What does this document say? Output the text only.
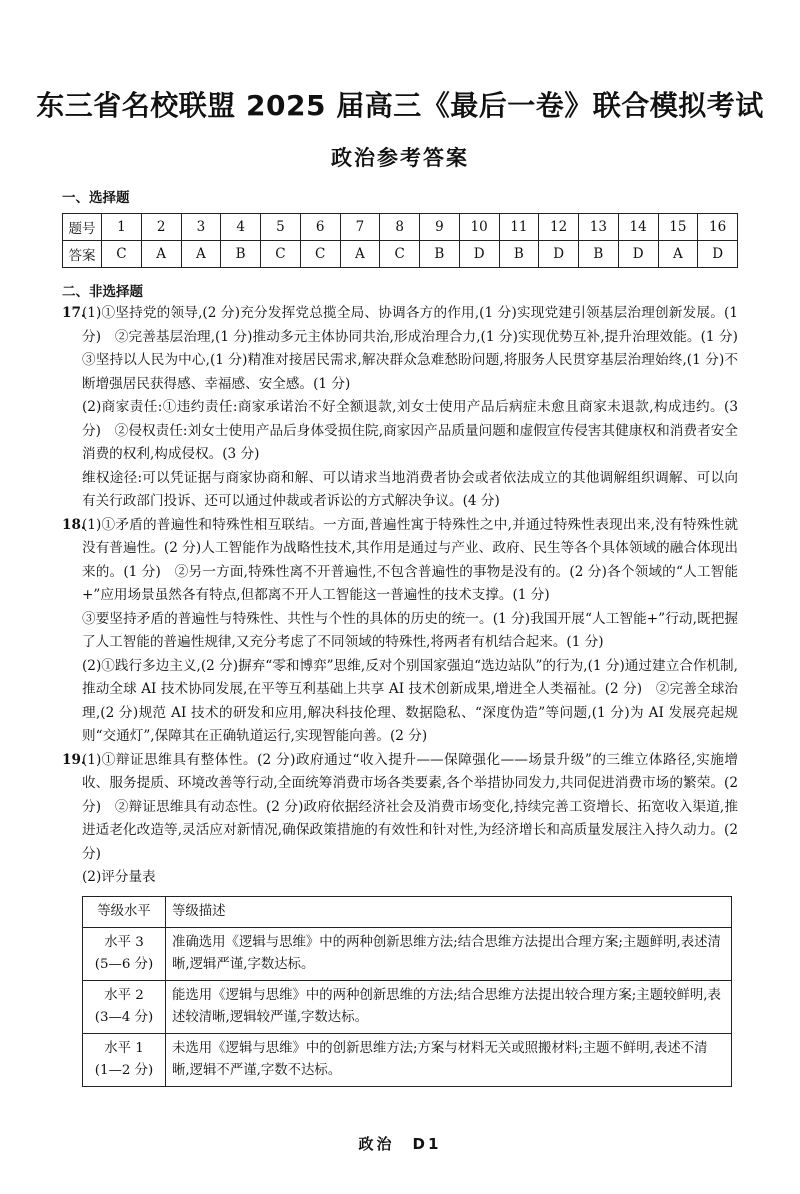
东三省名校联盟 2025 届高三《最后一卷》联合模拟考试
政治参考答案
一、选择题
题号	1	2	3	4	5	6	7	8	9	10	11	12	13	14	15	16
答案	C	A	A	B	C	C	A	C	B	D	B	D	B	D	A	D
二、非选择题
17.

(1)①坚持党的领导,(2 分)充分发挥党总揽全局、协调各方的作用,(1 分)实现党建引领基层治理创新发展。(1 分)　②完善基层治理,(1 分)推动多元主体协同共治,形成治理合力,(1 分)实现优势互补,提升治理效能。(1 分)　③坚持以人民为中心,(1 分)精准对接居民需求,解决群众急难愁盼问题,将服务人民贯穿基层治理始终,(1 分)不断增强居民获得感、幸福感、安全感。(1 分)

(2)商家责任:①违约责任:商家承诺治不好全额退款,刘女士使用产品后病症未愈且商家未退款,构成违约。(3 分)　②侵权责任:刘女士使用产品后身体受损住院,商家因产品质量问题和虚假宣传侵害其健康权和消费者安全消费的权利,构成侵权。(3 分)

维权途径:可以凭证据与商家协商和解、可以请求当地消费者协会或者依法成立的其他调解组织调解、可以向有关行政部门投诉、还可以通过仲裁或者诉讼的方式解决争议。(4 分)

18.

(1)①矛盾的普遍性和特殊性相互联结。一方面,普遍性寓于特殊性之中,并通过特殊性表现出来,没有特殊性就没有普遍性。(2 分)人工智能作为战略性技术,其作用是通过与产业、政府、民生等各个具体领域的融合体现出来的。(1 分)　②另一方面,特殊性离不开普遍性,不包含普遍性的事物是没有的。(2 分)各个领域的“人工智能+”应用场景虽然各有特点,但都离不开人工智能这一普遍性的技术支撑。(1 分)

③要坚持矛盾的普遍性与特殊性、共性与个性的具体的历史的统一。(1 分)我国开展“人工智能+”行动,既把握了人工智能的普遍性规律,又充分考虑了不同领域的特殊性,将两者有机结合起来。(1 分)

(2)①践行多边主义,(2 分)摒弃“零和博弈”思维,反对个别国家强迫“选边站队”的行为,(1 分)通过建立合作机制,推动全球 AI 技术协同发展,在平等互利基础上共享 AI 技术创新成果,增进全人类福祉。(2 分)　②完善全球治理,(2 分)规范 AI 技术的研发和应用,解决科技伦理、数据隐私、“深度伪造”等问题,(1 分)为 AI 发展亮起规则“交通灯”,保障其在正确轨道运行,实现智能向善。(2 分)

19.

(1)①辩证思维具有整体性。(2 分)政府通过“收入提升——保障强化——场景升级”的三维立体路径,实施增收、服务提质、环境改善等行动,全面统筹消费市场各类要素,各个举措协同发力,共同促进消费市场的繁荣。(2 分)　②辩证思维具有动态性。(2 分)政府依据经济社会及消费市场变化,持续完善工资增长、拓宽收入渠道,推进适老化改造等,灵活应对新情况,确保政策措施的有效性和针对性,为经济增长和高质量发展注入持久动力。(2 分)

(2)评分量表

等级水平	等级描述
水平 3
(5—6 分)	准确选用《逻辑与思维》中的两种创新思维方法;结合思维方法提出合理方案;主题鲜明,表述清晰,逻辑严谨,字数达标。
水平 2
(3—4 分)	能选用《逻辑与思维》中的两种创新思维的方法;结合思维方法提出较合理方案;主题较鲜明,表述较清晰,逻辑较严谨,字数达标。
水平 1
(1—2 分)	未选用《逻辑与思维》中的创新思维方法;方案与材料无关或照搬材料;主题不鲜明,表述不清晰,逻辑不严谨,字数不达标。
政治　D1
